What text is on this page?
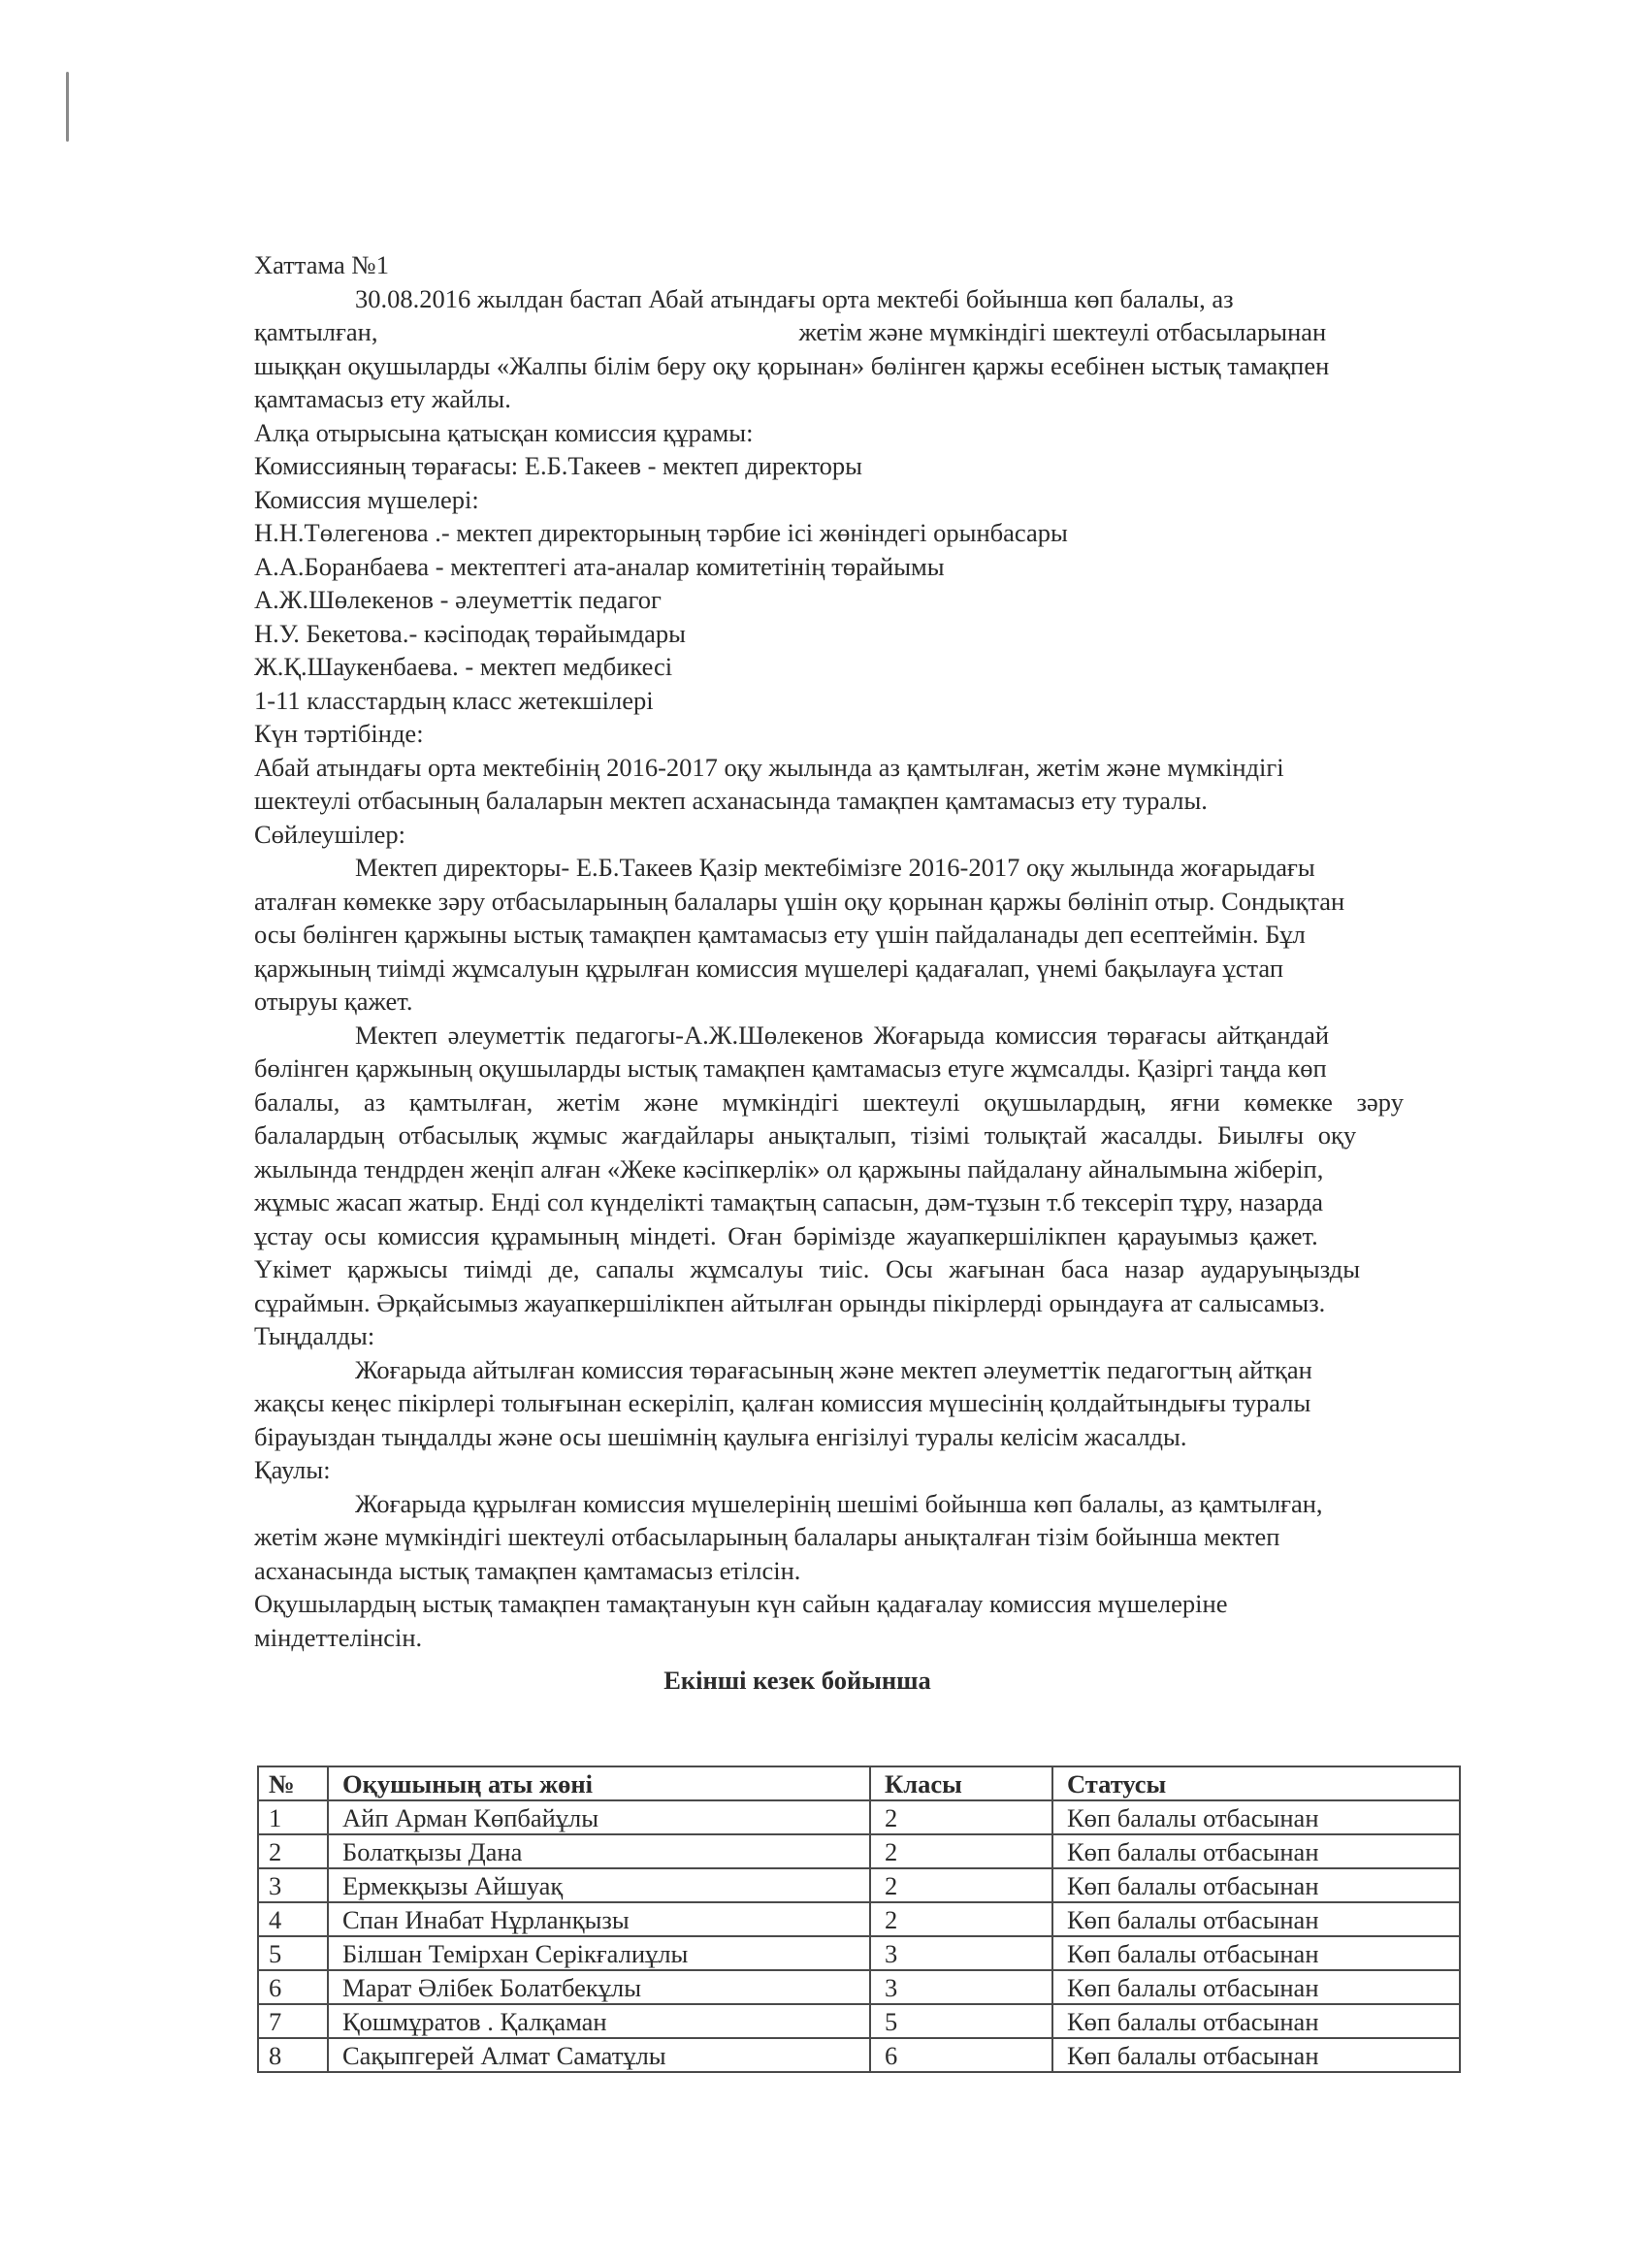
Хаттама №1
30.08.2016 жылдан бастап Абай атындағы орта мектебі бойынша көп балалы, аз
қамтылған,	жетім және мүмкіндігі шектеулі отбасыларынан
шыққан оқушыларды «Жалпы білім беру оқу қорынан» бөлінген қаржы есебінен ыстық тамақпен
қамтамасыз ету жайлы.
Алқа отырысына қатысқан комиссия құрамы:
Комиссияның төрағасы: Е.Б.Такеев - мектеп директоры
Комиссия мүшелері:
Н.Н.Төлегенова .- мектеп директорының тәрбие ісі жөніндегі орынбасары
А.А.Боранбаева - мектептегі ата-аналар комитетінің төрайымы
А.Ж.Шөлекенов - әлеуметтік педагог
Н.У. Бекетова.- кәсіподақ төрайымдары
Ж.Қ.Шаукенбаева. - мектеп медбикесі
1-11 класстардың класс жетекшілері
Күн тәртібінде:
Абай атындағы орта мектебінің 2016-2017 оқу жылында аз қамтылған, жетім және мүмкіндігі
шектеулі отбасының балаларын мектеп асханасында тамақпен қамтамасыз ету туралы.
Сөйлеушілер:
Мектеп директоры- Е.Б.Такеев Қазір мектебімізге 2016-2017 оқу жылында жоғарыдағы
аталған көмекке зәру отбасыларының балалары үшін оқу қорынан қаржы бөлініп отыр. Сондықтан
осы бөлінген қаржыны ыстық тамақпен қамтамасыз ету үшін пайдаланады деп есептеймін. Бұл
қаржының тиімді жұмсалуын құрылған комиссия мүшелері қадағалап, үнемі бақылауға ұстап
отыруы қажет.
Мектеп әлеуметтік педагогы-А.Ж.Шөлекенов Жоғарыда комиссия төрағасы айтқандай
бөлінген қаржының оқушыларды ыстық тамақпен қамтамасыз етуге жұмсалды. Қазіргі таңда көп
балалы, аз қамтылған, жетім және мүмкіндігі шектеулі оқушылардың, яғни көмекке зәру
балалардың отбасылық жұмыс жағдайлары анықталып, тізімі толықтай жасалды. Биылғы оқу
жылында тендрден жеңіп алған «Жеке кәсіпкерлік» ол қаржыны пайдалану айналымына жіберіп,
жұмыс жасап жатыр. Енді сол күнделікті тамақтың сапасын, дәм-тұзын т.б тексеріп тұру, назарда
ұстау осы комиссия құрамының міндеті. Оған бәрімізде жауапкершілікпен қарауымыз қажет.
Үкімет қаржысы тиімді де, сапалы жұмсалуы тиіс. Осы жағынан баса назар аударуыңызды
сұраймын. Әрқайсымыз жауапкершілікпен айтылған орынды пікірлерді орындауға ат салысамыз.
Тыңдалды:
Жоғарыда айтылған комиссия төрағасының және мектеп әлеуметтік педагогтың айтқан
жақсы кеңес пікірлері толығынан ескеріліп, қалған комиссия мүшесінің қолдайтындығы туралы
бірауыздан тыңдалды және осы шешімнің қаулыға енгізілуі туралы келісім жасалды.
Қаулы:
Жоғарыда құрылған комиссия мүшелерінің шешімі бойынша көп балалы, аз қамтылған,
жетім және мүмкіндігі шектеулі отбасыларының балалары анықталған тізім бойынша мектеп
асханасында ыстық тамақпен қамтамасыз етілсін.
Оқушылардың ыстық тамақпен тамақтануын күн сайын қадағалау комиссия мүшелеріне
міндеттелінсін.
Екінші кезек бойынша
№	Оқушының аты жөні	Класы	Статусы
1	Айп Арман Көпбайұлы	2	Көп балалы отбасынан
2	Болатқызы Дана	2	Көп балалы отбасынан
3	Ермекқызы Айшуақ	2	Көп балалы отбасынан
4	Спан Инабат Нұрланқызы	2	Көп балалы отбасынан
5	Білшан Темірхан Серікғалиұлы	3	Көп балалы отбасынан
6	Марат Әлібек Болатбекұлы	3	Көп балалы отбасынан
7	Қошмұратов . Қалқаман	5	Көп балалы отбасынан
8	Сақыпгерей Алмат Саматұлы	6	Көп балалы отбасынан
